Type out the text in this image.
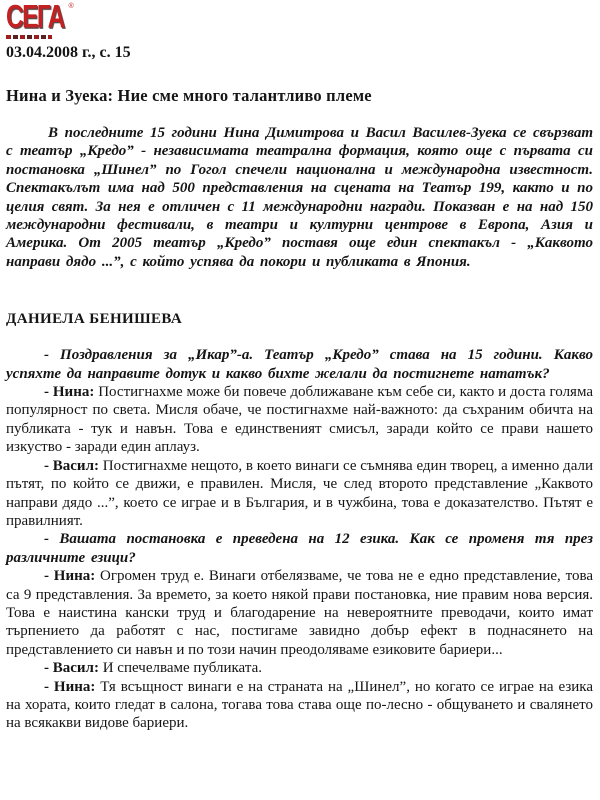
СЕГА ®
03.04.2008 г., с. 15
Нина и Зуека: Ние сме много талантливо племе

В последните 15 години Нина Димитрова и Васил Василев-Зуека се свързват с театър „Кредо” - независимата театрална формация, която още с първата си постановка „Шинел” по Гогол спечели национална и международна известност. Спектакълът има над 500 представления на сцената на Театър 199, както и по целия свят. За нея е отличен с 11 международни награди. Показван е на над 150 международни фестивали, в театри и културни центрове в Европа, Азия и Америка. От 2005 театър „Кредо” поставя още един спектакъл - „Каквото направи дядо ...”, с който успява да покори и публиката в Япония.

ДАНИЕЛА БЕНИШЕВА

- Поздравления за „Икар”-а. Театър „Кредо” става на 15 години. Какво успяхте да направите дотук и какво бихте желали да постигнете нататък?

- Нина: Постигнахме може би повече доближаване към себе си, както и доста голяма популярност по света. Мисля обаче, че постигнахме най-важното: да съхраним обичта на публиката - тук и навън. Това е единственият смисъл, заради който се прави нашето изкуство - заради един аплауз.

- Васил: Постигнахме нещото, в което винаги се съмнява един творец, а именно дали пътят, по който се движи, е правилен. Мисля, че след второто представление „Каквото направи дядо ...”, което се играе и в България, и в чужбина, това е доказателство. Пътят е правилният.

- Вашата постановка е преведена на 12 езика. Как се променя тя през различните езици?

- Нина: Огромен труд е. Винаги отбелязваме, че това не е едно представление, това са 9 представления. За времето, за което някой прави постановка, ние правим нова версия. Това е наистина кански труд и благодарение на невероятните преводачи, които имат търпението да работят с нас, постигаме завидно добър ефект в поднасянето на представлението си навън и по този начин преодоляваме езиковите бариери...

- Васил: И спечелваме публиката.

- Нина: Тя всъщност винаги е на страната на „Шинел”, но когато се играе на езика на хората, които гледат в салона, тогава това става още по-лесно - общуването и свалянето на всякакви видове бариери.
